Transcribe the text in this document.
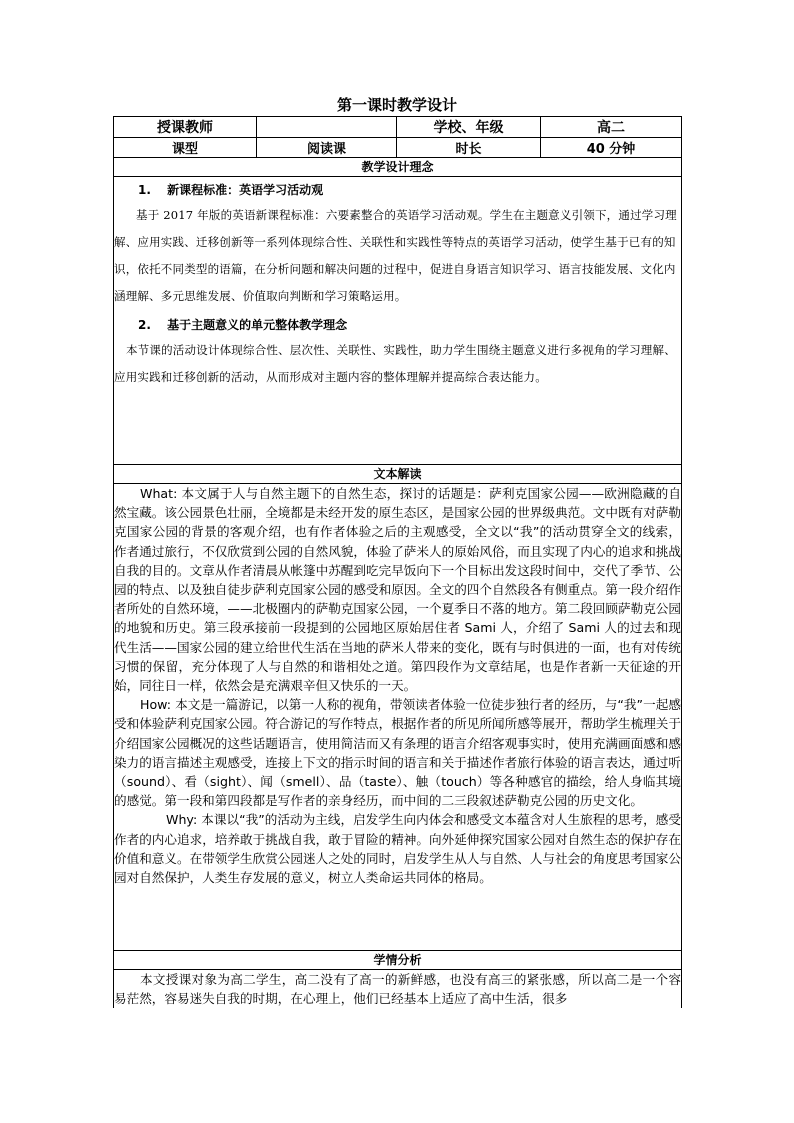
第一课时教学设计
授课教师		学校、年级	高二
课型	阅读课	时长	40 分钟
教学设计理念			

1.　 新课程标准：英语学习活动观

基于 2017 年版的英语新课程标准：六要素整合的英语学习活动观。学生在主题意义引领下，通过学习理解、应用实践、迁移创新等一系列体现综合性、关联性和实践性等特点的英语学习活动，使学生基于已有的知识，依托不同类型的语篇，在分析问题和解决问题的过程中，促进自身语言知识学习、语言技能发展、文化内涵理解、多元思维发展、价值取向判断和学习策略运用。

2.　 基于主题意义的单元整体教学理念

本节课的活动设计体现综合性、层次性、关联性、实践性，助力学生围绕主题意义进行多视角的学习理解、应用实践和迁移创新的活动，从而形成对主题内容的整体理解并提高综合表达能力。			

文本解读			

What: 本文属于人与自然主题下的自然生态，探讨的话题是：萨利克国家公园——欧洲隐藏的自然宝藏。该公园景色壮丽，全境都是未经开发的原生态区，是国家公园的世界级典范。文中既有对萨勒克国家公园的背景的客观介绍，也有作者体验之后的主观感受，全文以“我”的活动贯穿全文的线索，作者通过旅行，不仅欣赏到公园的自然风貌，体验了萨米人的原始风俗，而且实现了内心的追求和挑战自我的目的。文章从作者清晨从帐篷中苏醒到吃完早饭向下一个目标出发这段时间中，交代了季节、公园的特点、以及独自徒步萨利克国家公园的感受和原因。全文的四个自然段各有侧重点。第一段介绍作者所处的自然环境，——北极圈内的萨勒克国家公园，一个夏季日不落的地方。第二段回顾萨勒克公园的地貌和历史。第三段承接前一段提到的公园地区原始居住者 Sami 人，介绍了 Sami 人的过去和现代生活——国家公园的建立给世代生活在当地的萨米人带来的变化，既有与时俱进的一面，也有对传统习惯的保留，充分体现了人与自然的和谐相处之道。第四段作为文章结尾，也是作者新一天征途的开始，同往日一样，依然会是充满艰辛但又快乐的一天。

How: 本文是一篇游记，以第一人称的视角，带领读者体验一位徒步独行者的经历，与“我”一起感受和体验萨利克国家公园。符合游记的写作特点，根据作者的所见所闻所感等展开，帮助学生梳理关于介绍国家公园概况的这些话题语言，使用简洁而又有条理的语言介绍客观事实时，使用充满画面感和感染力的语言描述主观感受，连接上下文的指示时间的语言和关于描述作者旅行体验的语言表达，通过听（sound）、看（sight）、闻（smell）、品（taste）、触（touch）等各种感官的描绘，给人身临其境的感觉。第一段和第四段都是写作者的亲身经历，而中间的二三段叙述萨勒克公园的历史文化。

Why: 本课以“我”的活动为主线，启发学生向内体会和感受文本蕴含对人生旅程的思考，感受作者的内心追求，培养敢于挑战自我，敢于冒险的精神。向外延伸探究国家公园对自然生态的保护存在价值和意义。在带领学生欣赏公园迷人之处的同时，启发学生从人与自然、人与社会的角度思考国家公园对自然保护，人类生存发展的意义，树立人类命运共同体的格局。			

学情分析			

本文授课对象为高二学生，高二没有了高一的新鲜感，也没有高三的紧张感，所以高二是一个容易茫然，容易迷失自我的时期，在心理上，他们已经基本上适应了高中生活，很多			
